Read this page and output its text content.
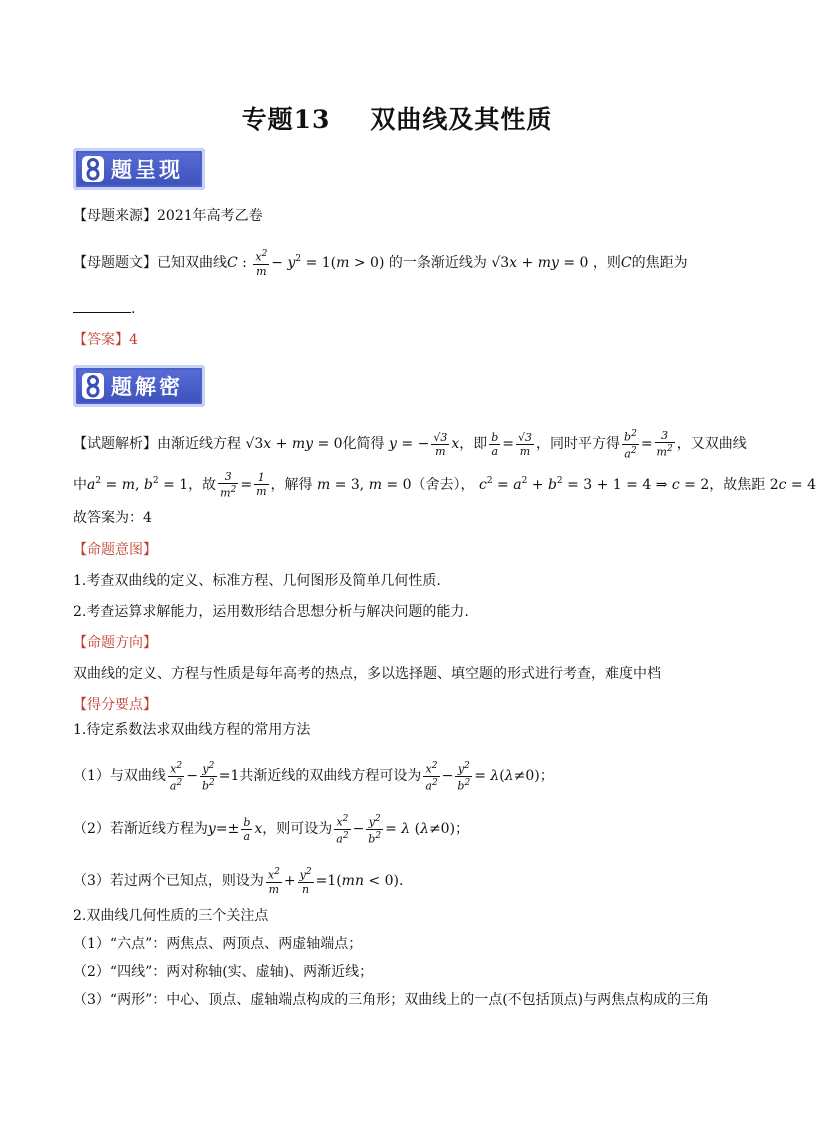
专题13 双曲线及其性质
题呈现
【母题来源】2021年高考乙卷
【母题题文】已知双曲线C : $\frac{x^2}{m} - y^2 = 1(m > 0)$ 的一条渐近线为 √3x + my = 0 ，则C的焦距为
.
【答案】4
题解密
【试题解析】由渐近线方程 √3x + my = 0化简得 y = − $\frac{√3}{m}$ x，即 $\frac{b}{a} = \frac{√3}{m}$ ，同时平方得 $\frac{b^2}{a^2} = \frac{3}{m^2}$ ，又双曲线
中$a^2 = m$, $b^2 = 1$，故 $\frac{3}{m^2} = \frac{1}{m}$ ，解得 m = 3, m = 0（舍去）， $c^2 = a^2 + b^2 = 3 + 1 = 4$ ⇒ c = 2，故焦距 2c = 4
故答案为：4
【命题意图】
1.考查双曲线的定义、标准方程、几何图形及简单几何性质.
2.考查运算求解能力，运用数形结合思想分析与解决问题的能力.
【命题方向】
双曲线的定义、方程与性质是每年高考的热点，多以选择题、填空题的形式进行考查，难度中档
【得分要点】
1.待定系数法求双曲线方程的常用方法
（1）与双曲线 $\frac{x^2}{a^2} - \frac{y^2}{b^2} =1$共渐近线的双曲线方程可设为 $\frac{x^2}{a^2} - \frac{y^2}{b^2} = \lambda(\lambda\ne 0)$；
（2）若渐近线方程为$y=\pm \frac{b}{a}$ x，则可设为 $\frac{x^2}{a^2} - \frac{y^2}{b^2} = \lambda$ (λ≠0)；
（3）若过两个已知点，则设为 $\frac{x^2}{m} + \frac{y^2}{n} =1(mn < 0)$.
2.双曲线几何性质的三个关注点
（1）“六点”：两焦点、两顶点、两虚轴端点；
（2）“四线”：两对称轴(实、虚轴)、两渐近线；
（3）“两形”：中心、顶点、虚轴端点构成的三角形；双曲线上的一点(不包括顶点)与两焦点构成的三角
